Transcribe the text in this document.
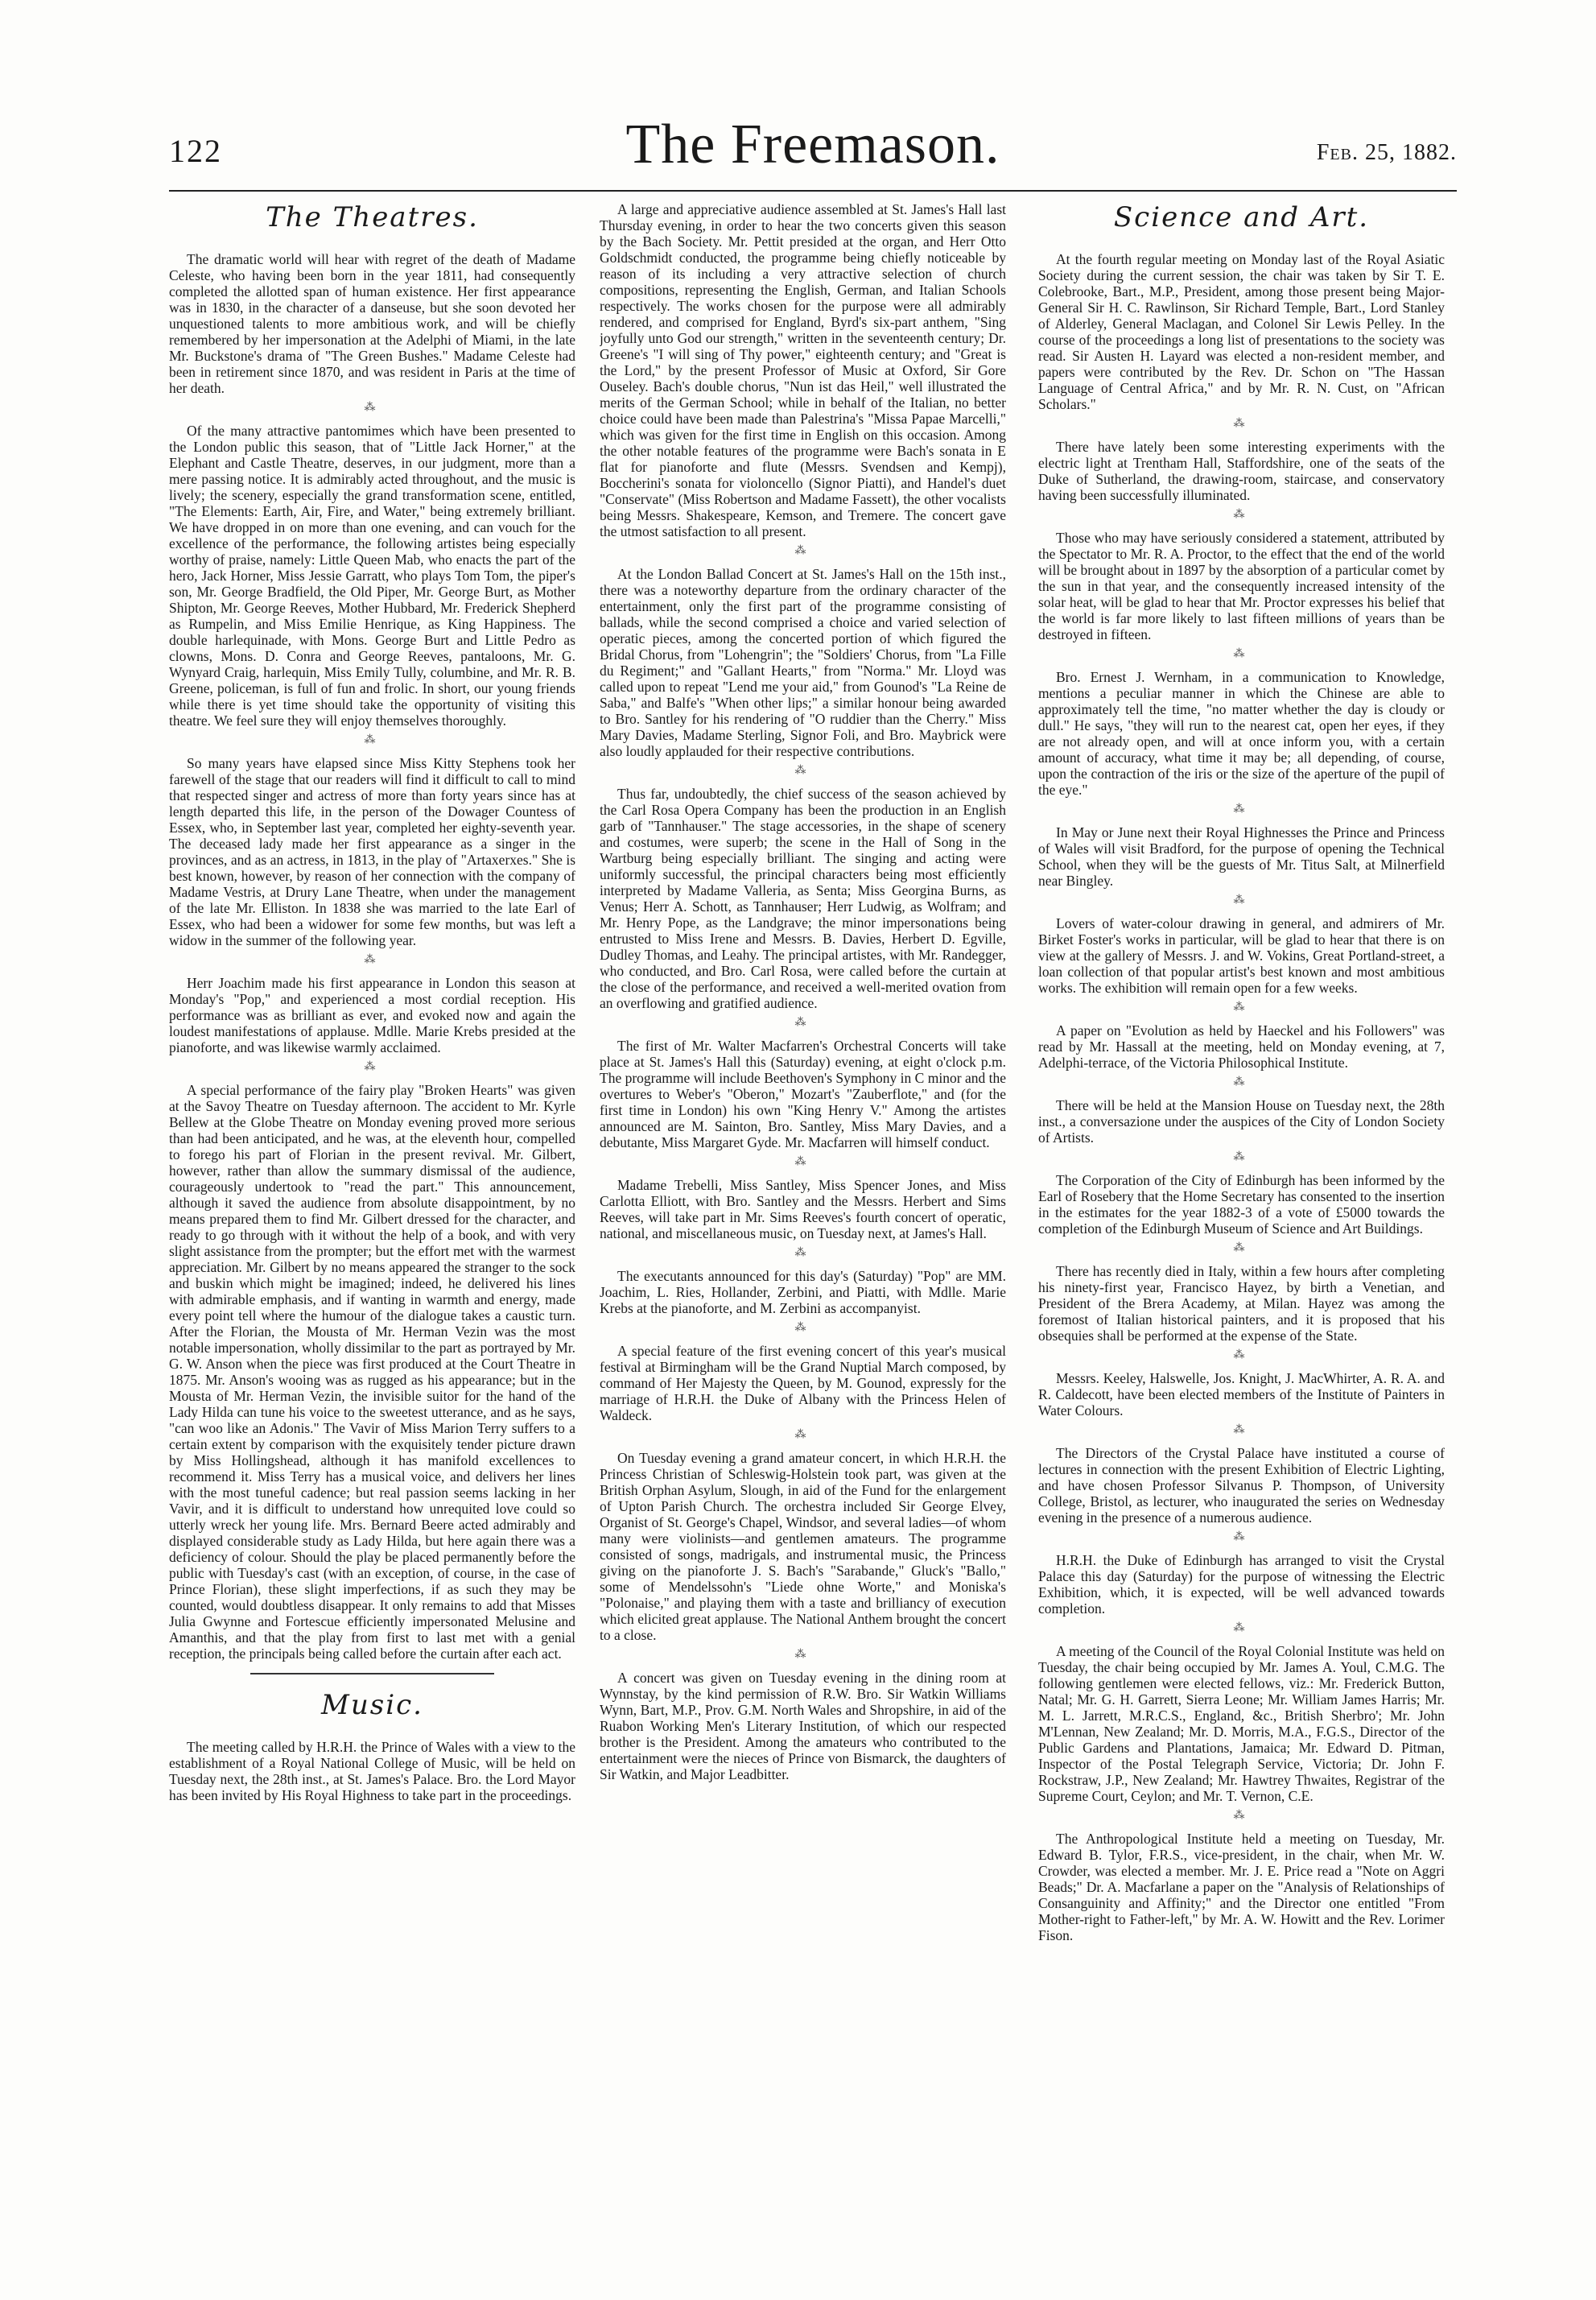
122	The Freemason.	Feb. 25, 1882.
The Theatres.

The dramatic world will hear with regret of the death of Madame Celeste, who having been born in the year 1811, had consequently completed the allotted span of human existence. Her first appearance was in 1830, in the character of a danseuse, but she soon devoted her unquestioned talents to more ambitious work, and will be chiefly remembered by her impersonation at the Adelphi of Miami, in the late Mr. Buckstone's drama of "The Green Bushes." Madame Celeste had been in retirement since 1870, and was resident in Paris at the time of her death.

⁂

Of the many attractive pantomimes which have been presented to the London public this season, that of "Little Jack Horner," at the Elephant and Castle Theatre, deserves, in our judgment, more than a mere passing notice. It is admirably acted throughout, and the music is lively; the scenery, especially the grand transformation scene, entitled, "The Elements: Earth, Air, Fire, and Water," being extremely brilliant. We have dropped in on more than one evening, and can vouch for the excellence of the performance, the following artistes being especially worthy of praise, namely: Little Queen Mab, who enacts the part of the hero, Jack Horner, Miss Jessie Garratt, who plays Tom Tom, the piper's son, Mr. George Bradfield, the Old Piper, Mr. George Burt, as Mother Shipton, Mr. George Reeves, Mother Hubbard, Mr. Frederick Shepherd as Rumpelin, and Miss Emilie Henrique, as King Happiness. The double harlequinade, with Mons. George Burt and Little Pedro as clowns, Mons. D. Conra and George Reeves, pantaloons, Mr. G. Wynyard Craig, harlequin, Miss Emily Tully, columbine, and Mr. R. B. Greene, policeman, is full of fun and frolic. In short, our young friends while there is yet time should take the opportunity of visiting this theatre. We feel sure they will enjoy themselves thoroughly.

⁂

So many years have elapsed since Miss Kitty Stephens took her farewell of the stage that our readers will find it difficult to call to mind that respected singer and actress of more than forty years since has at length departed this life, in the person of the Dowager Countess of Essex, who, in September last year, completed her eighty-seventh year. The deceased lady made her first appearance as a singer in the provinces, and as an actress, in 1813, in the play of "Artaxerxes." She is best known, however, by reason of her connection with the company of Madame Vestris, at Drury Lane Theatre, when under the management of the late Mr. Elliston. In 1838 she was married to the late Earl of Essex, who had been a widower for some few months, but was left a widow in the summer of the following year.

⁂

Herr Joachim made his first appearance in London this season at Monday's "Pop," and experienced a most cordial reception. His performance was as brilliant as ever, and evoked now and again the loudest manifestations of applause. Mdlle. Marie Krebs presided at the pianoforte, and was likewise warmly acclaimed.

⁂

A special performance of the fairy play "Broken Hearts" was given at the Savoy Theatre on Tuesday afternoon. The accident to Mr. Kyrle Bellew at the Globe Theatre on Monday evening proved more serious than had been anticipated, and he was, at the eleventh hour, compelled to forego his part of Florian in the present revival. Mr. Gilbert, however, rather than allow the summary dismissal of the audience, courageously undertook to "read the part." This announcement, although it saved the audience from absolute disappointment, by no means prepared them to find Mr. Gilbert dressed for the character, and ready to go through with it without the help of a book, and with very slight assistance from the prompter; but the effort met with the warmest appreciation. Mr. Gilbert by no means appeared the stranger to the sock and buskin which might be imagined; indeed, he delivered his lines with admirable emphasis, and if wanting in warmth and energy, made every point tell where the humour of the dialogue takes a caustic turn. After the Florian, the Mousta of Mr. Herman Vezin was the most notable impersonation, wholly dissimilar to the part as portrayed by Mr. G. W. Anson when the piece was first produced at the Court Theatre in 1875. Mr. Anson's wooing was as rugged as his appearance; but in the Mousta of Mr. Herman Vezin, the invisible suitor for the hand of the Lady Hilda can tune his voice to the sweetest utterance, and as he says, "can woo like an Adonis." The Vavir of Miss Marion Terry suffers to a certain extent by comparison with the exquisitely tender picture drawn by Miss Hollingshead, although it has manifold excellences to recommend it. Miss Terry has a musical voice, and delivers her lines with the most tuneful cadence; but real passion seems lacking in her Vavir, and it is difficult to understand how unrequited love could so utterly wreck her young life. Mrs. Bernard Beere acted admirably and displayed considerable study as Lady Hilda, but here again there was a deficiency of colour. Should the play be placed permanently before the public with Tuesday's cast (with an exception, of course, in the case of Prince Florian), these slight imperfections, if as such they may be counted, would doubtless disappear. It only remains to add that Misses Julia Gwynne and Fortescue efficiently impersonated Melusine and Amanthis, and that the play from first to last met with a genial reception, the principals being called before the curtain after each act.

Music.

The meeting called by H.R.H. the Prince of Wales with a view to the establishment of a Royal National College of Music, will be held on Tuesday next, the 28th inst., at St. James's Palace. Bro. the Lord Mayor has been invited by His Royal Highness to take part in the proceedings.

A large and appreciative audience assembled at St. James's Hall last Thursday evening, in order to hear the two concerts given this season by the Bach Society. Mr. Pettit presided at the organ, and Herr Otto Goldschmidt conducted, the programme being chiefly noticeable by reason of its including a very attractive selection of church compositions, representing the English, German, and Italian Schools respectively. The works chosen for the purpose were all admirably rendered, and comprised for England, Byrd's six-part anthem, "Sing joyfully unto God our strength," written in the seventeenth century; Dr. Greene's "I will sing of Thy power," eighteenth century; and "Great is the Lord," by the present Professor of Music at Oxford, Sir Gore Ouseley. Bach's double chorus, "Nun ist das Heil," well illustrated the merits of the German School; while in behalf of the Italian, no better choice could have been made than Palestrina's "Missa Papae Marcelli," which was given for the first time in English on this occasion. Among the other notable features of the programme were Bach's sonata in E flat for pianoforte and flute (Messrs. Svendsen and Kempj), Boccherini's sonata for violoncello (Signor Piatti), and Handel's duet "Conservate" (Miss Robertson and Madame Fassett), the other vocalists being Messrs. Shakespeare, Kemson, and Tremere. The concert gave the utmost satisfaction to all present.

⁂

At the London Ballad Concert at St. James's Hall on the 15th inst., there was a noteworthy departure from the ordinary character of the entertainment, only the first part of the programme consisting of ballads, while the second comprised a choice and varied selection of operatic pieces, among the concerted portion of which figured the Bridal Chorus, from "Lohengrin"; the "Soldiers' Chorus, from "La Fille du Regiment;" and "Gallant Hearts," from "Norma." Mr. Lloyd was called upon to repeat "Lend me your aid," from Gounod's "La Reine de Saba," and Balfe's "When other lips;" a similar honour being awarded to Bro. Santley for his rendering of "O ruddier than the Cherry." Miss Mary Davies, Madame Sterling, Signor Foli, and Bro. Maybrick were also loudly applauded for their respective contributions.

⁂

Thus far, undoubtedly, the chief success of the season achieved by the Carl Rosa Opera Company has been the production in an English garb of "Tannhauser." The stage accessories, in the shape of scenery and costumes, were superb; the scene in the Hall of Song in the Wartburg being especially brilliant. The singing and acting were uniformly successful, the principal characters being most efficiently interpreted by Madame Valleria, as Senta; Miss Georgina Burns, as Venus; Herr A. Schott, as Tannhauser; Herr Ludwig, as Wolfram; and Mr. Henry Pope, as the Landgrave; the minor impersonations being entrusted to Miss Irene and Messrs. B. Davies, Herbert D. Egville, Dudley Thomas, and Leahy. The principal artistes, with Mr. Randegger, who conducted, and Bro. Carl Rosa, were called before the curtain at the close of the performance, and received a well-merited ovation from an overflowing and gratified audience.

⁂

The first of Mr. Walter Macfarren's Orchestral Concerts will take place at St. James's Hall this (Saturday) evening, at eight o'clock p.m. The programme will include Beethoven's Symphony in C minor and the overtures to Weber's "Oberon," Mozart's "Zauberflote," and (for the first time in London) his own "King Henry V." Among the artistes announced are M. Sainton, Bro. Santley, Miss Mary Davies, and a debutante, Miss Margaret Gyde. Mr. Macfarren will himself conduct.

⁂

Madame Trebelli, Miss Santley, Miss Spencer Jones, and Miss Carlotta Elliott, with Bro. Santley and the Messrs. Herbert and Sims Reeves, will take part in Mr. Sims Reeves's fourth concert of operatic, national, and miscellaneous music, on Tuesday next, at James's Hall.

⁂

The executants announced for this day's (Saturday) "Pop" are MM. Joachim, L. Ries, Hollander, Zerbini, and Piatti, with Mdlle. Marie Krebs at the pianoforte, and M. Zerbini as accompanyist.

⁂

A special feature of the first evening concert of this year's musical festival at Birmingham will be the Grand Nuptial March composed, by command of Her Majesty the Queen, by M. Gounod, expressly for the marriage of H.R.H. the Duke of Albany with the Princess Helen of Waldeck.

⁂

On Tuesday evening a grand amateur concert, in which H.R.H. the Princess Christian of Schleswig-Holstein took part, was given at the British Orphan Asylum, Slough, in aid of the Fund for the enlargement of Upton Parish Church. The orchestra included Sir George Elvey, Organist of St. George's Chapel, Windsor, and several ladies—of whom many were violinists—and gentlemen amateurs. The programme consisted of songs, madrigals, and instrumental music, the Princess giving on the pianoforte J. S. Bach's "Sarabande," Gluck's "Ballo," some of Mendelssohn's "Liede ohne Worte," and Moniska's "Polonaise," and playing them with a taste and brilliancy of execution which elicited great applause. The National Anthem brought the concert to a close.

⁂

A concert was given on Tuesday evening in the dining room at Wynnstay, by the kind permission of R.W. Bro. Sir Watkin Williams Wynn, Bart, M.P., Prov. G.M. North Wales and Shropshire, in aid of the Ruabon Working Men's Literary Institution, of which our respected brother is the President. Among the amateurs who contributed to the entertainment were the nieces of Prince von Bismarck, the daughters of Sir Watkin, and Major Leadbitter.

Science and Art.

At the fourth regular meeting on Monday last of the Royal Asiatic Society during the current session, the chair was taken by Sir T. E. Colebrooke, Bart., M.P., President, among those present being Major-General Sir H. C. Rawlinson, Sir Richard Temple, Bart., Lord Stanley of Alderley, General Maclagan, and Colonel Sir Lewis Pelley. In the course of the proceedings a long list of presentations to the society was read. Sir Austen H. Layard was elected a non-resident member, and papers were contributed by the Rev. Dr. Schon on "The Hassan Language of Central Africa," and by Mr. R. N. Cust, on "African Scholars."

⁂

There have lately been some interesting experiments with the electric light at Trentham Hall, Staffordshire, one of the seats of the Duke of Sutherland, the drawing-room, staircase, and conservatory having been successfully illuminated.

⁂

Those who may have seriously considered a statement, attributed by the Spectator to Mr. R. A. Proctor, to the effect that the end of the world will be brought about in 1897 by the absorption of a particular comet by the sun in that year, and the consequently increased intensity of the solar heat, will be glad to hear that Mr. Proctor expresses his belief that the world is far more likely to last fifteen millions of years than be destroyed in fifteen.

⁂

Bro. Ernest J. Wernham, in a communication to Knowledge, mentions a peculiar manner in which the Chinese are able to approximately tell the time, "no matter whether the day is cloudy or dull." He says, "they will run to the nearest cat, open her eyes, if they are not already open, and will at once inform you, with a certain amount of accuracy, what time it may be; all depending, of course, upon the contraction of the iris or the size of the aperture of the pupil of the eye."

⁂

In May or June next their Royal Highnesses the Prince and Princess of Wales will visit Bradford, for the purpose of opening the Technical School, when they will be the guests of Mr. Titus Salt, at Milnerfield near Bingley.

⁂

Lovers of water-colour drawing in general, and admirers of Mr. Birket Foster's works in particular, will be glad to hear that there is on view at the gallery of Messrs. J. and W. Vokins, Great Portland-street, a loan collection of that popular artist's best known and most ambitious works. The exhibition will remain open for a few weeks.

⁂

A paper on "Evolution as held by Haeckel and his Followers" was read by Mr. Hassall at the meeting, held on Monday evening, at 7, Adelphi-terrace, of the Victoria Philosophical Institute.

⁂

There will be held at the Mansion House on Tuesday next, the 28th inst., a conversazione under the auspices of the City of London Society of Artists.

⁂

The Corporation of the City of Edinburgh has been informed by the Earl of Rosebery that the Home Secretary has consented to the insertion in the estimates for the year 1882-3 of a vote of £5000 towards the completion of the Edinburgh Museum of Science and Art Buildings.

⁂

There has recently died in Italy, within a few hours after completing his ninety-first year, Francisco Hayez, by birth a Venetian, and President of the Brera Academy, at Milan. Hayez was among the foremost of Italian historical painters, and it is proposed that his obsequies shall be performed at the expense of the State.

⁂

Messrs. Keeley, Halswelle, Jos. Knight, J. MacWhirter, A. R. A. and R. Caldecott, have been elected members of the Institute of Painters in Water Colours.

⁂

The Directors of the Crystal Palace have instituted a course of lectures in connection with the present Exhibition of Electric Lighting, and have chosen Professor Silvanus P. Thompson, of University College, Bristol, as lecturer, who inaugurated the series on Wednesday evening in the presence of a numerous audience.

⁂

H.R.H. the Duke of Edinburgh has arranged to visit the Crystal Palace this day (Saturday) for the purpose of witnessing the Electric Exhibition, which, it is expected, will be well advanced towards completion.

⁂

A meeting of the Council of the Royal Colonial Institute was held on Tuesday, the chair being occupied by Mr. James A. Youl, C.M.G. The following gentlemen were elected fellows, viz.: Mr. Frederick Button, Natal; Mr. G. H. Garrett, Sierra Leone; Mr. William James Harris; Mr. M. L. Jarrett, M.R.C.S., England, &c., British Sherbro'; Mr. John M'Lennan, New Zealand; Mr. D. Morris, M.A., F.G.S., Director of the Public Gardens and Plantations, Jamaica; Mr. Edward D. Pitman, Inspector of the Postal Telegraph Service, Victoria; Dr. John F. Rockstraw, J.P., New Zealand; Mr. Hawtrey Thwaites, Registrar of the Supreme Court, Ceylon; and Mr. T. Vernon, C.E.

⁂

The Anthropological Institute held a meeting on Tuesday, Mr. Edward B. Tylor, F.R.S., vice-president, in the chair, when Mr. W. Crowder, was elected a member. Mr. J. E. Price read a "Note on Aggri Beads;" Dr. A. Macfarlane a paper on the "Analysis of Relationships of Consanguinity and Affinity;" and the Director one entitled "From Mother-right to Father-left," by Mr. A. W. Howitt and the Rev. Lorimer Fison.
